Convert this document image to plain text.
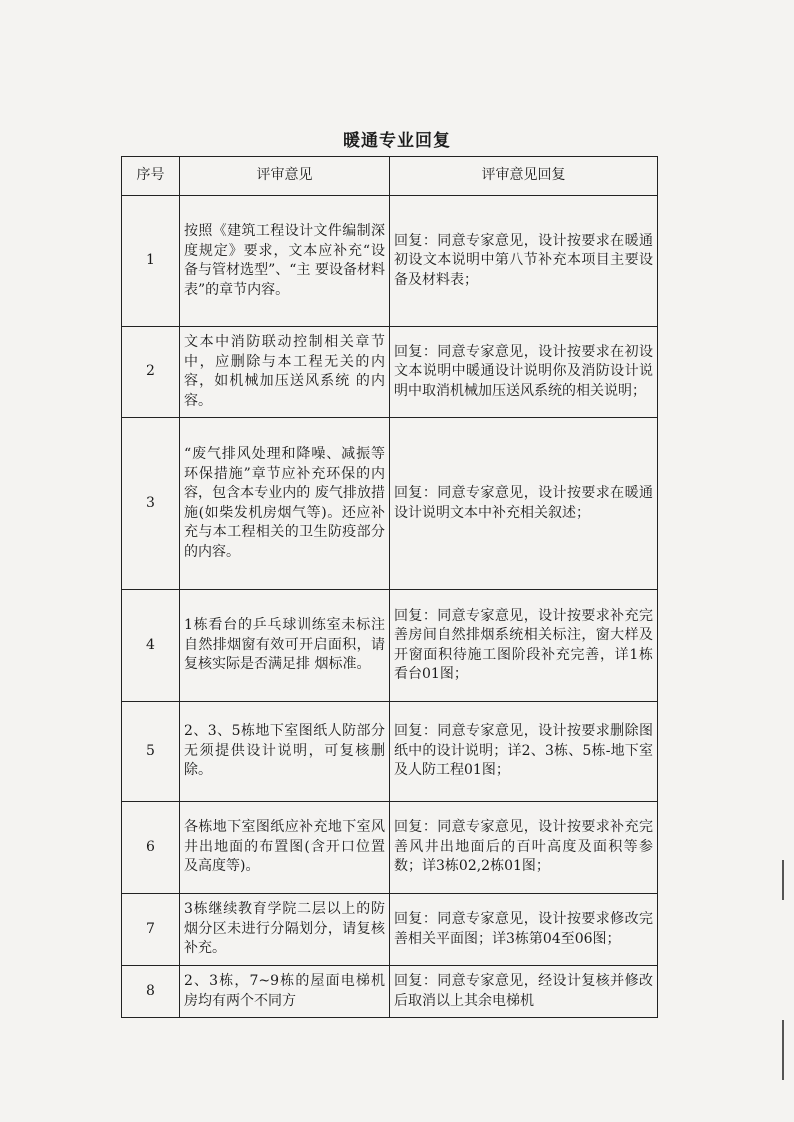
暖通专业回复
序号	评审意见	评审意见回复
1	按照《建筑工程设计文件编制深度规定》要求，文本应补充“设备与管材选型”、“主 要设备材料表”的章节内容。	回复：同意专家意见，设计按要求在暖通初设文本说明中第八节补充本项目主要设备及材料表；
2	文本中消防联动控制相关章节中，应删除与本工程无关的内容，如机械加压送风系统 的内容。	回复：同意专家意见，设计按要求在初设文本说明中暖通设计说明你及消防设计说明中取消机械加压送风系统的相关说明；
3	“废气排风处理和降噪、减振等环保措施”章节应补充环保的内容，包含本专业内的 废气排放措施(如柴发机房烟气等)。还应补充与本工程相关的卫生防疫部分的内容。	回复：同意专家意见，设计按要求在暖通设计说明文本中补充相关叙述；
4	1栋看台的乒乓球训练室未标注自然排烟窗有效可开启面积，请复核实际是否满足排 烟标准。	回复：同意专家意见，设计按要求补充完善房间自然排烟系统相关标注，窗大样及开窗面积待施工图阶段补充完善，详1栋看台01图；
5	2、3、5栋地下室图纸人防部分无须提供设计说明，可复核删除。	回复：同意专家意见，设计按要求删除图纸中的设计说明；详2、3栋、5栋-地下室及人防工程01图；
6	各栋地下室图纸应补充地下室风井出地面的布置图(含开口位置及高度等)。	回复：同意专家意见，设计按要求补充完善风井出地面后的百叶高度及面积等参数；详3栋02,2栋01图；
7	3栋继续教育学院二层以上的防烟分区未进行分隔划分，请复核补充。	回复：同意专家意见，设计按要求修改完善相关平面图；详3栋第04至06图；
8	2、3栋，7~9栋的屋面电梯机房均有两个不同方	回复：同意专家意见，经设计复核并修改后取消以上其余电梯机
